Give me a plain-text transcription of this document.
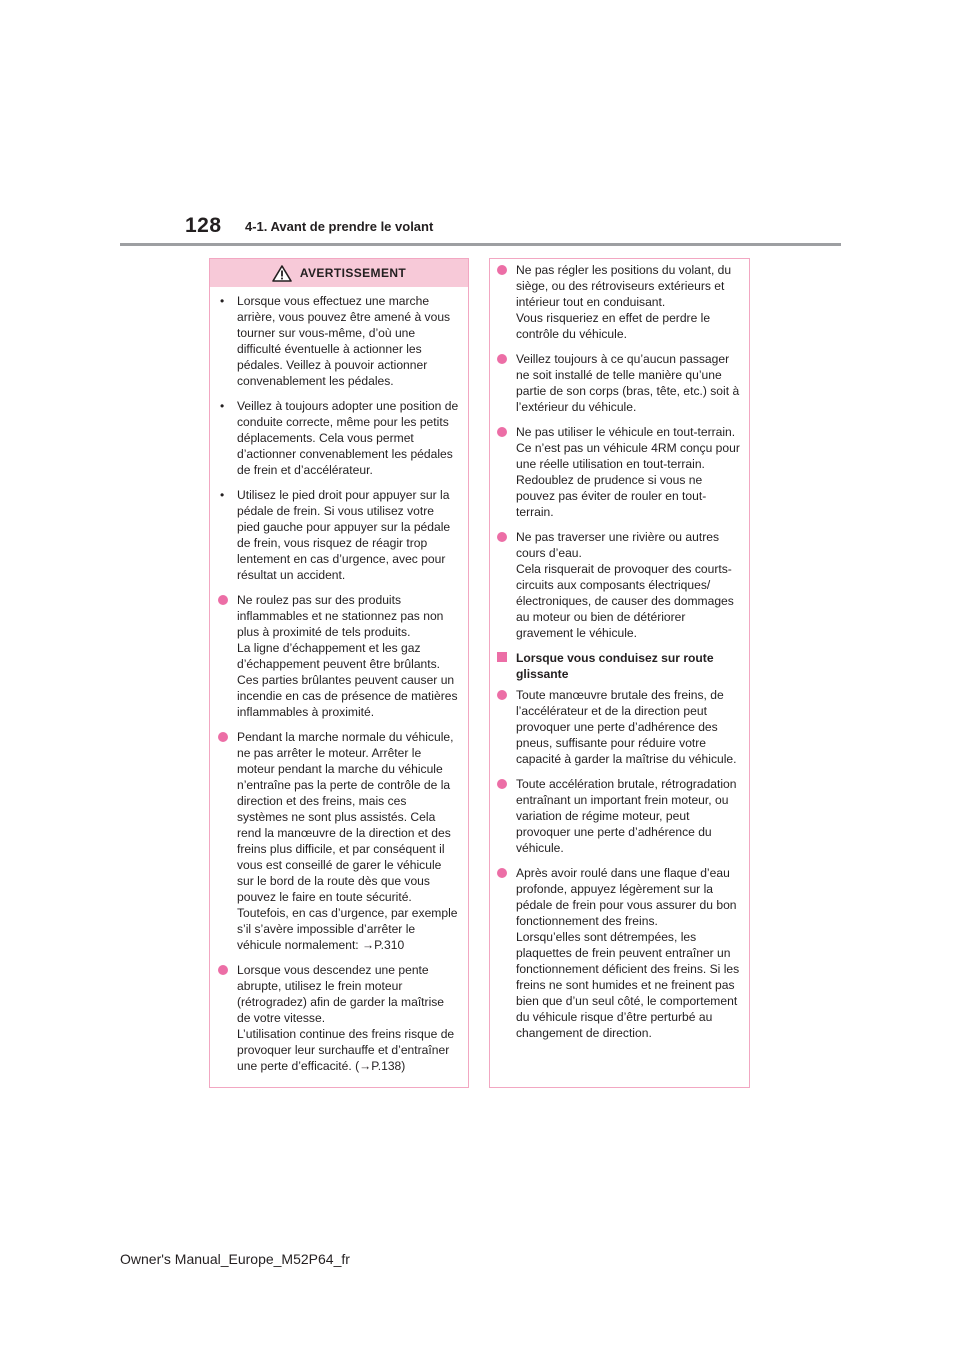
128 4-1. Avant de prendre le volant
AVERTISSEMENT
•	Lorsque vous effectuez une marche arrière, vous pouvez être amené à vous tourner sur vous-même, d’où une difficulté éventuelle à actionner les pédales. Veillez à pouvoir actionner convenablement les pédales.
•	Veillez à toujours adopter une position de conduite correcte, même pour les petits déplacements. Cela vous permet d’actionner convenablement les pédales de frein et d’accélérateur.
•	Utilisez le pied droit pour appuyer sur la pédale de frein. Si vous utilisez votre pied gauche pour appuyer sur la pédale de frein, vous risquez de réagir trop lentement en cas d’urgence, avec pour résultat un accident.
Ne roulez pas sur des produits inflammables et ne stationnez pas non plus à proximité de tels produits.
La ligne d’échappement et les gaz d’échappement peuvent être brûlants. Ces parties brûlantes peuvent causer un incendie en cas de présence de matières inflammables à proximité.
Pendant la marche normale du véhicule, ne pas arrêter le moteur. Arrêter le moteur pendant la marche du véhicule n’entraîne pas la perte de contrôle de la direction et des freins, mais ces systèmes ne sont plus assistés. Cela rend la manœuvre de la direction et des freins plus difficile, et par conséquent il vous est conseillé de garer le véhicule sur le bord de la route dès que vous pouvez le faire en toute sécurité. Toutefois, en cas d’urgence, par exemple s’il s’avère impossible d’arrêter le véhicule normalement: →P.310
Lorsque vous descendez une pente abrupte, utilisez le frein moteur (rétrogradez) afin de garder la maîtrise de votre vitesse.
L’utilisation continue des freins risque de provoquer leur surchauffe et d’entraîner une perte d’efficacité. (→P.138)
Ne pas régler les positions du volant, du siège, ou des rétroviseurs extérieurs et intérieur tout en conduisant.
Vous risqueriez en effet de perdre le contrôle du véhicule.
Veillez toujours à ce qu’aucun passager ne soit installé de telle manière qu’une partie de son corps (bras, tête, etc.) soit à l’extérieur du véhicule.
Ne pas utiliser le véhicule en tout-terrain.
Ce n’est pas un véhicule 4RM conçu pour une réelle utilisation en tout-terrain. Redoublez de prudence si vous ne pouvez pas éviter de rouler en tout-terrain.
Ne pas traverser une rivière ou autres cours d’eau.
Cela risquerait de provoquer des courts-circuits aux composants électriques/électroniques, de causer des dommages au moteur ou bien de détériorer gravement le véhicule.
Lorsque vous conduisez sur route glissante
Toute manœuvre brutale des freins, de l’accélérateur et de la direction peut provoquer une perte d’adhérence des pneus, suffisante pour réduire votre capacité à garder la maîtrise du véhicule.
Toute accélération brutale, rétrogradation entraînant un important frein moteur, ou variation de régime moteur, peut provoquer une perte d’adhérence du véhicule.
Après avoir roulé dans une flaque d’eau profonde, appuyez légèrement sur la pédale de frein pour vous assurer du bon fonctionnement des freins.
Lorsqu’elles sont détrempées, les plaquettes de frein peuvent entraîner un fonctionnement déficient des freins. Si les freins ne sont humides et ne freinent pas bien que d’un seul côté, le comportement du véhicule risque d’être perturbé au changement de direction.
Owner's Manual_Europe_M52P64_fr
